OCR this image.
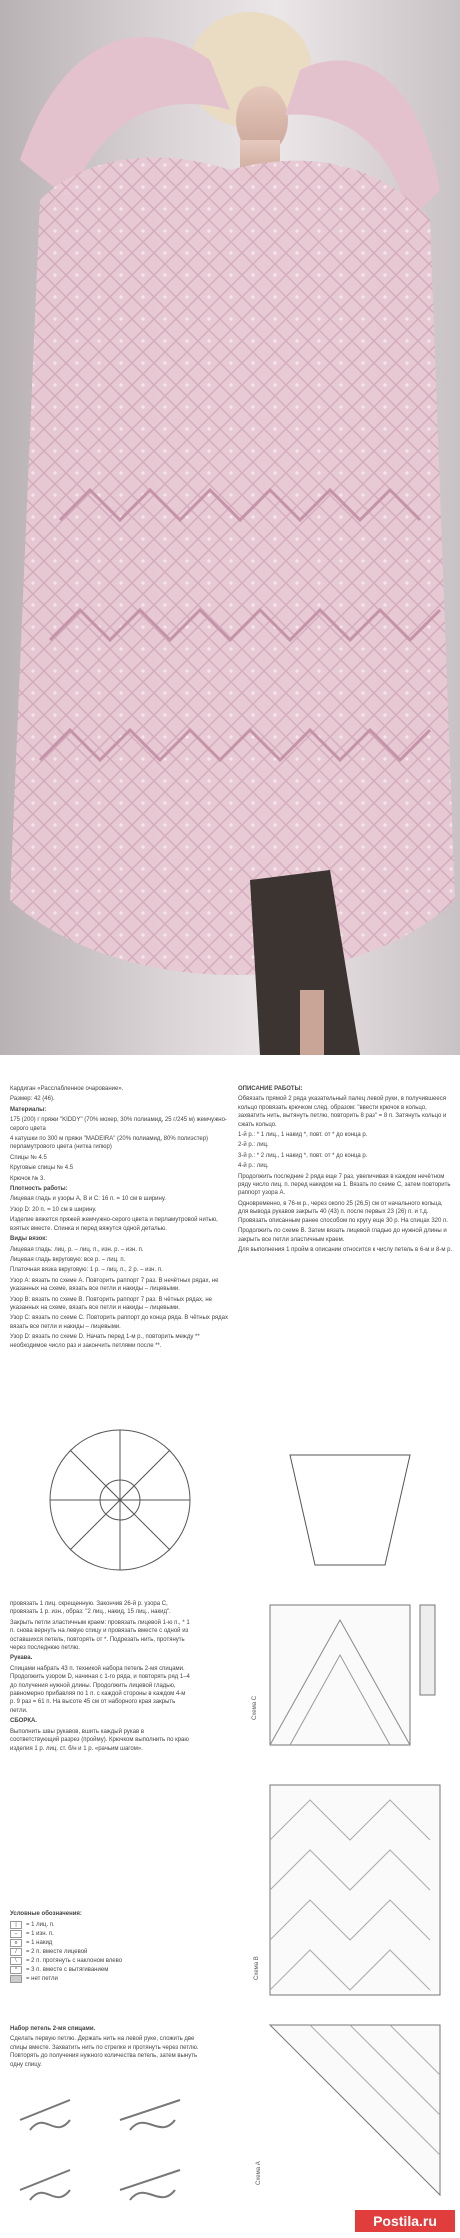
Кардиган «Расслабленное очарование».

Размер: 42 (46).

Материалы:

175 (200) г пряжи "KIDDY" (70% мохер, 30% полиамид, 25 г/245 м) жемчужно-серого цвета

4 катушки по 300 м пряжи "MADEIRA" (20% полиамид, 80% полиэстер) перламутрового цвета (нитка гипюр)

Спицы № 4.5

Круговые спицы № 4.5

Крючок № 3.

Плотность работы:

Лицевая гладь и узоры А, В и С: 16 п. = 10 см в ширину.

Узор D: 20 п. = 10 см в ширину.

Изделие вяжется пряжей жемчужно-серого цвета и перламутровой нитью, взятых вместе. Спинка и перед вяжутся одной деталью.

Виды вязок:

Лицевая гладь: лиц. р. – лиц. п., изн. р. – изн. п.

Лицевая гладь вкруговую: все р. – лиц. п.

Платочная вязка вкруговую: 1 р. – лиц. п., 2 р. – изн. п.

Узор А: вязать по схеме А. Повторить раппорт 7 раз. В нечётных рядах, не указанных на схеме, вязать все петли и накиды – лицевыми.

Узор В: вязать по схеме В. Повторить раппорт 7 раз. В чётных рядах, не указанных на схеме, вязать все петли и накиды – лицевыми.

Узор С: вязать по схеме С. Повторить раппорт до конца ряда. В чётных рядах вязать все петли и накиды – лицевыми.

Узор D: вязать по схеме D. Начать перед 1-м р., повторить между ** необходимое число раз и закончить петлями после **.

ОПИСАНИЕ РАБОТЫ:

Обвязать прямой 2 ряда указательный палец левой руки, в получившееся кольцо провязать крючком след. образом: "ввести крючок в кольцо, захватить нить, вытянуть петлю, повторить 8 раз" = 8 п. Затянуть кольцо и сжать кольцо.

1-й р.: * 1 лиц., 1 накид *, повт. от * до конца р.

2-й р.: лиц.

3-й р.: * 2 лиц., 1 накид *, повт. от * до конца р.

4-й р.: лиц.

Продолжить последние 2 ряда еще 7 раз, увеличивая в каждом нечётном ряду число лиц. п. перед накидом на 1. Вязать по схеме С, затем повторить раппорт узора А.

Одновременно, в 76-м р., через около 25 (26,5) см от начального кольца, для вывода рукавов закрыть 40 (43) п. после первых 23 (26) п. и т.д. Провязать описанным ранее способом по кругу еще 30 р. На спицах 320 п.

Продолжить по схеме В. Затем вязать лицевой гладью до нужной длины и закрыть все петли эластичным краем.

Для выполнения 1 пройм в описании относится к числу петель в 6-м и 8-м р.

провязать 1 лиц. скрещенную. Закончив 26-й р. узора С, провязать 1 р. изн., образ: "2 лиц., накид, 15 лиц., накид".

Закрыть петли эластичным краем: провязать лицевой 1-ю п., * 1 п. снова вернуть на левую спицу и провязать вместе с одной из оставшихся петель, повторять от *. Подрезать нить, протянуть через последнюю петлю.

Рукава.

Спицами набрать 43 п. техникой набора петель 2-мя спицами. Продолжить узором D, начиная с 1-го ряда, и повторять ряд 1–4 до получения нужной длины. Продолжить лицевой гладью, равномерно прибавляя по 1 п. с каждой стороны в каждом 4-м р. 9 раз = 61 п. На высоте 45 см от наборного края закрыть петли.

СБОРКА.

Выполнить швы рукавов, вшить каждый рукав в соответствующий разрез (пройму). Крючком выполнить по краю изделия 1 р. лиц. ст. б/н и 1 р. «рачьим шагом».

Схема С
Схема B

Условные обозначения:

|	= 1 лиц. п.
–	= 1 изн. п.
o	= 1 накид
/	= 2 п. вместе лицевой
\	= 2 п. протянуть с наклоном влево
^	= 3 п. вместе с вытягиванием
= нет петли

Набор петель 2-мя спицами.

Сделать первую петлю. Держать нить на левой руке, сложить две спицы вместе. Захватить нить по стрелке и протянуть через петлю. Повторять до получения нужного количества петель, затем вынуть одну спицу.

Схема А
Postila.ru
